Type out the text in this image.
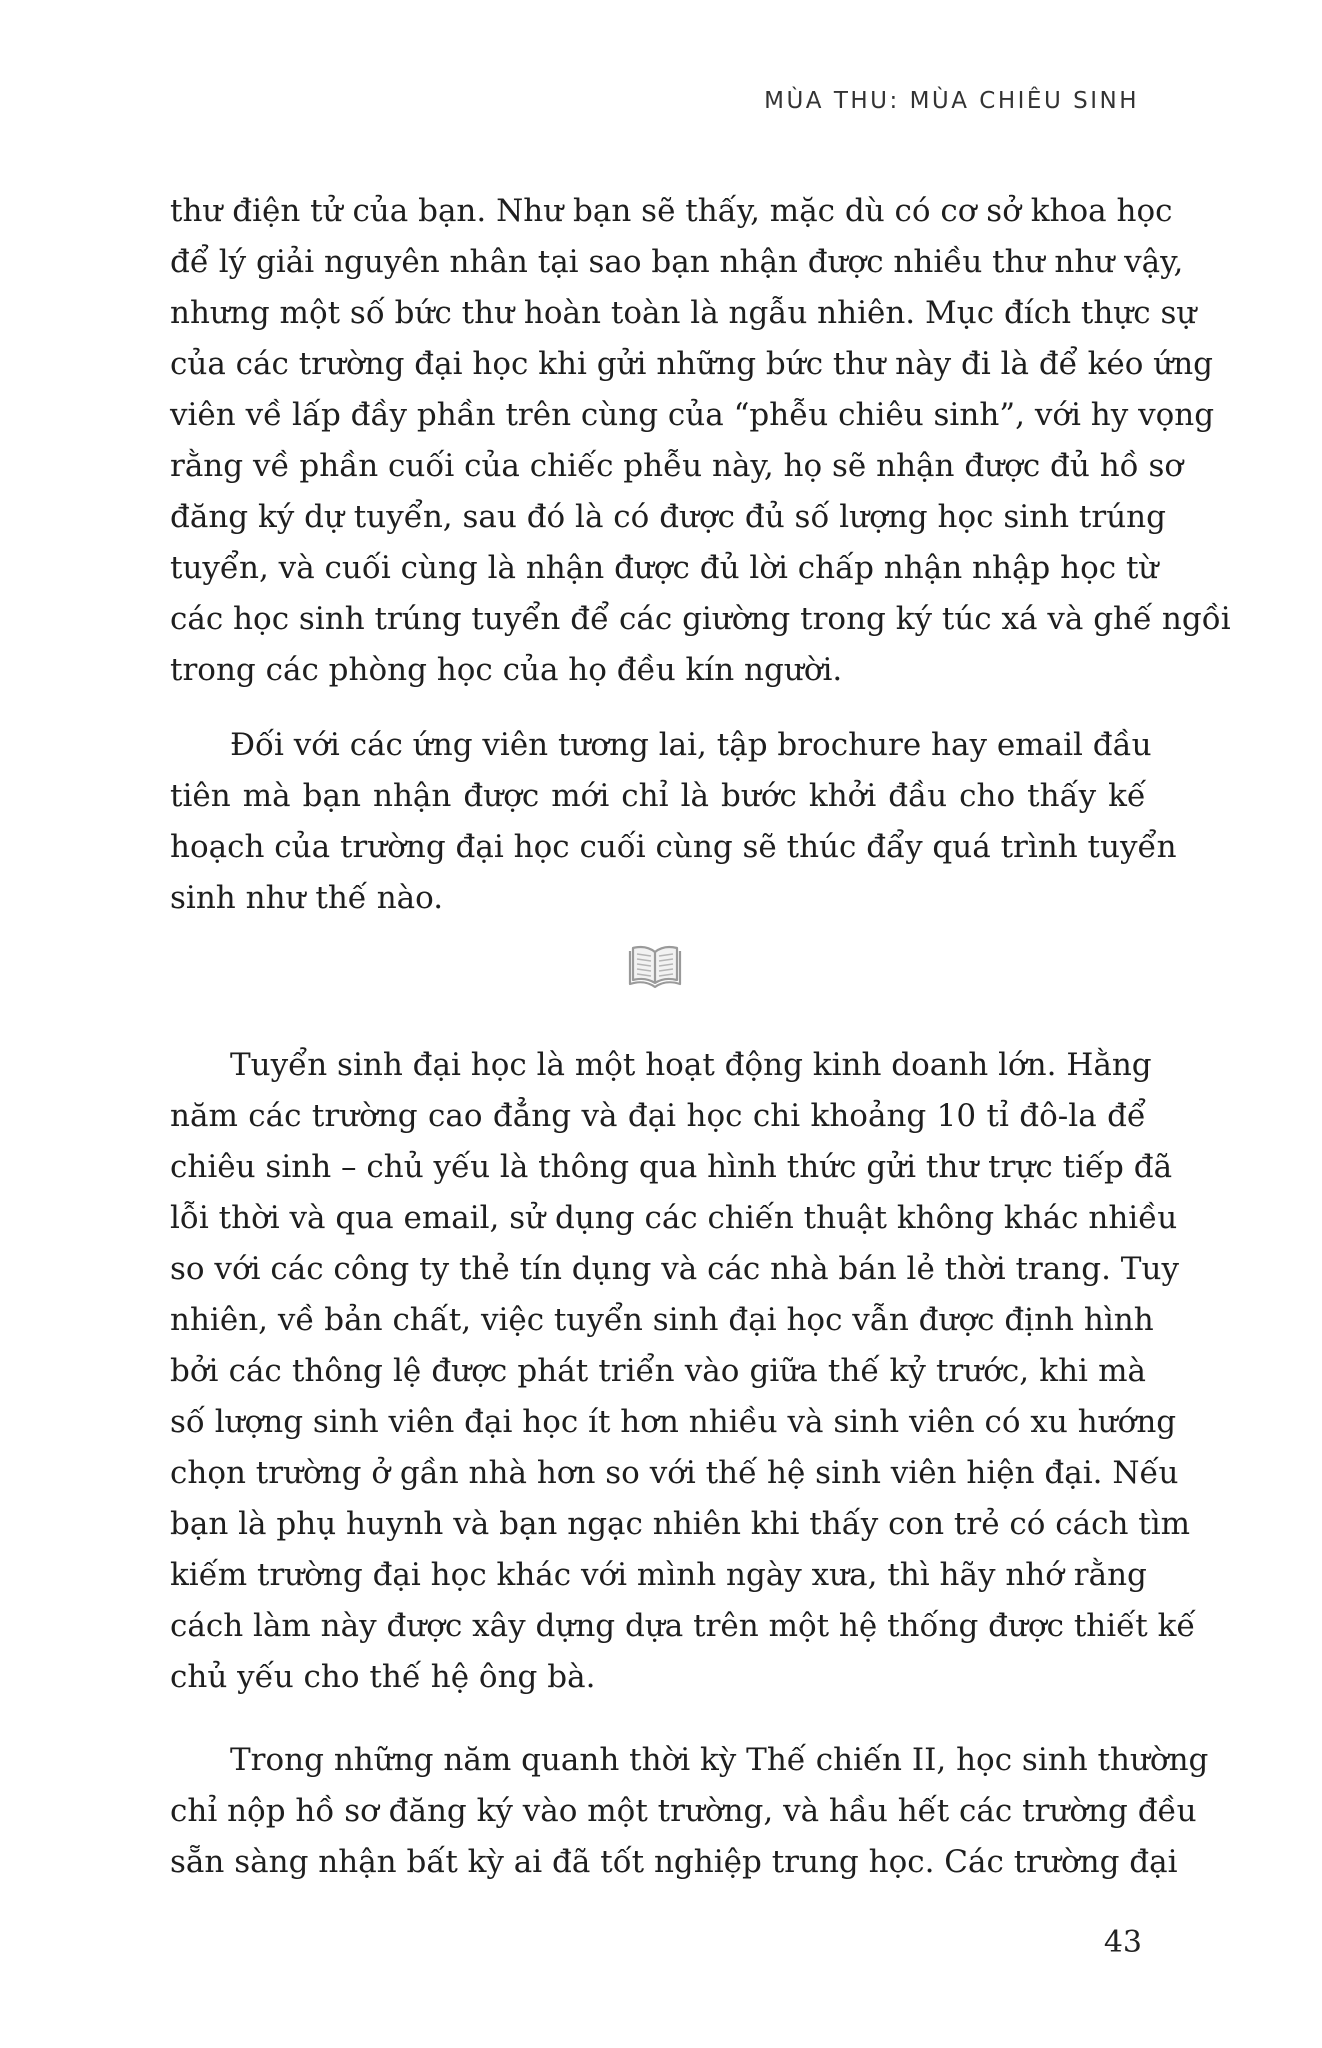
MÙA THU: MÙA CHIÊU SINH
thư điện tử của bạn. Như bạn sẽ thấy, mặc dù có cơ sở khoa học
để lý giải nguyên nhân tại sao bạn nhận được nhiều thư như vậy,
nhưng một số bức thư hoàn toàn là ngẫu nhiên. Mục đích thực sự
của các trường đại học khi gửi những bức thư này đi là để kéo ứng
viên về lấp đầy phần trên cùng của “phễu chiêu sinh”, với hy vọng
rằng về phần cuối của chiếc phễu này, họ sẽ nhận được đủ hồ sơ
đăng ký dự tuyển, sau đó là có được đủ số lượng học sinh trúng
tuyển, và cuối cùng là nhận được đủ lời chấp nhận nhập học từ
các học sinh trúng tuyển để các giường trong ký túc xá và ghế ngồi
trong các phòng học của họ đều kín người.
Đối với các ứng viên tương lai, tập brochure hay email đầu
tiên mà bạn nhận được mới chỉ là bước khởi đầu cho thấy kế
hoạch của trường đại học cuối cùng sẽ thúc đẩy quá trình tuyển
sinh như thế nào.
Tuyển sinh đại học là một hoạt động kinh doanh lớn. Hằng
năm các trường cao đẳng và đại học chi khoảng 10 tỉ đô-la để
chiêu sinh – chủ yếu là thông qua hình thức gửi thư trực tiếp đã
lỗi thời và qua email, sử dụng các chiến thuật không khác nhiều
so với các công ty thẻ tín dụng và các nhà bán lẻ thời trang. Tuy
nhiên, về bản chất, việc tuyển sinh đại học vẫn được định hình
bởi các thông lệ được phát triển vào giữa thế kỷ trước, khi mà
số lượng sinh viên đại học ít hơn nhiều và sinh viên có xu hướng
chọn trường ở gần nhà hơn so với thế hệ sinh viên hiện đại. Nếu
bạn là phụ huynh và bạn ngạc nhiên khi thấy con trẻ có cách tìm
kiếm trường đại học khác với mình ngày xưa, thì hãy nhớ rằng
cách làm này được xây dựng dựa trên một hệ thống được thiết kế
chủ yếu cho thế hệ ông bà.
Trong những năm quanh thời kỳ Thế chiến II, học sinh thường
chỉ nộp hồ sơ đăng ký vào một trường, và hầu hết các trường đều
sẵn sàng nhận bất kỳ ai đã tốt nghiệp trung học. Các trường đại
43
